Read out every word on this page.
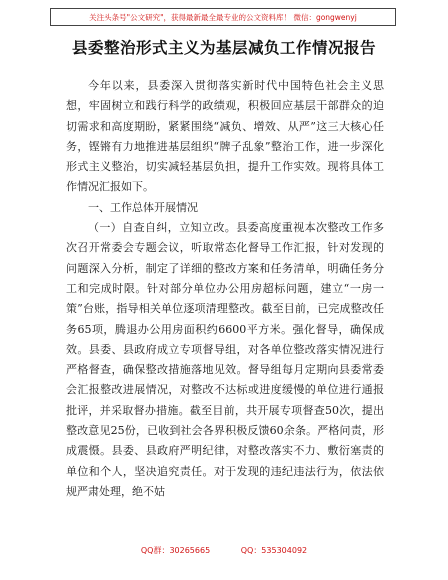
关注头条号"公文研究"，获得最新最全最专业的公文资料库！ 微信：gongwenyj
县委整治形式主义为基层减负工作情况报告

今年以来，县委深入贯彻落实新时代中国特色社会主义思想，牢固树立和践行科学的政绩观，积极回应基层干部群众的迫切需求和高度期盼，紧紧围绕“减负、增效、从严”这三大核心任务，铿锵有力地推进基层组织“牌子乱象”整治工作，进一步深化形式主义整治，切实减轻基层负担，提升工作实效。现将具体工作情况汇报如下。

一、工作总体开展情况

（一）自查自纠，立知立改。县委高度重视本次整改工作多次召开常委会专题会议，听取常态化督导工作汇报，针对发现的问题深入分析，制定了详细的整改方案和任务清单，明确任务分工和完成时限。针对部分单位办公用房超标问题，建立“一房一策”台账，指导相关单位逐项清理整改。截至目前，已完成整改任务65项，腾退办公用房面积约6600平方米。强化督导，确保成效。县委、县政府成立专项督导组，对各单位整改落实情况进行严格督查，确保整改措施落地见效。督导组每月定期向县委常委会汇报整改进展情况，对整改不达标或进度缓慢的单位进行通报批评，并采取督办措施。截至目前，共开展专项督查50次，提出整改意见25份，已收到社会各界积极反馈60余条。严格问责，形成震慑。县委、县政府严明纪律，对整改落实不力、敷衍塞责的单位和个人，坚决追究责任。对于发现的违纪违法行为，依法依规严肃处理，绝不姑

QQ群：30265665	QQ：535304092
